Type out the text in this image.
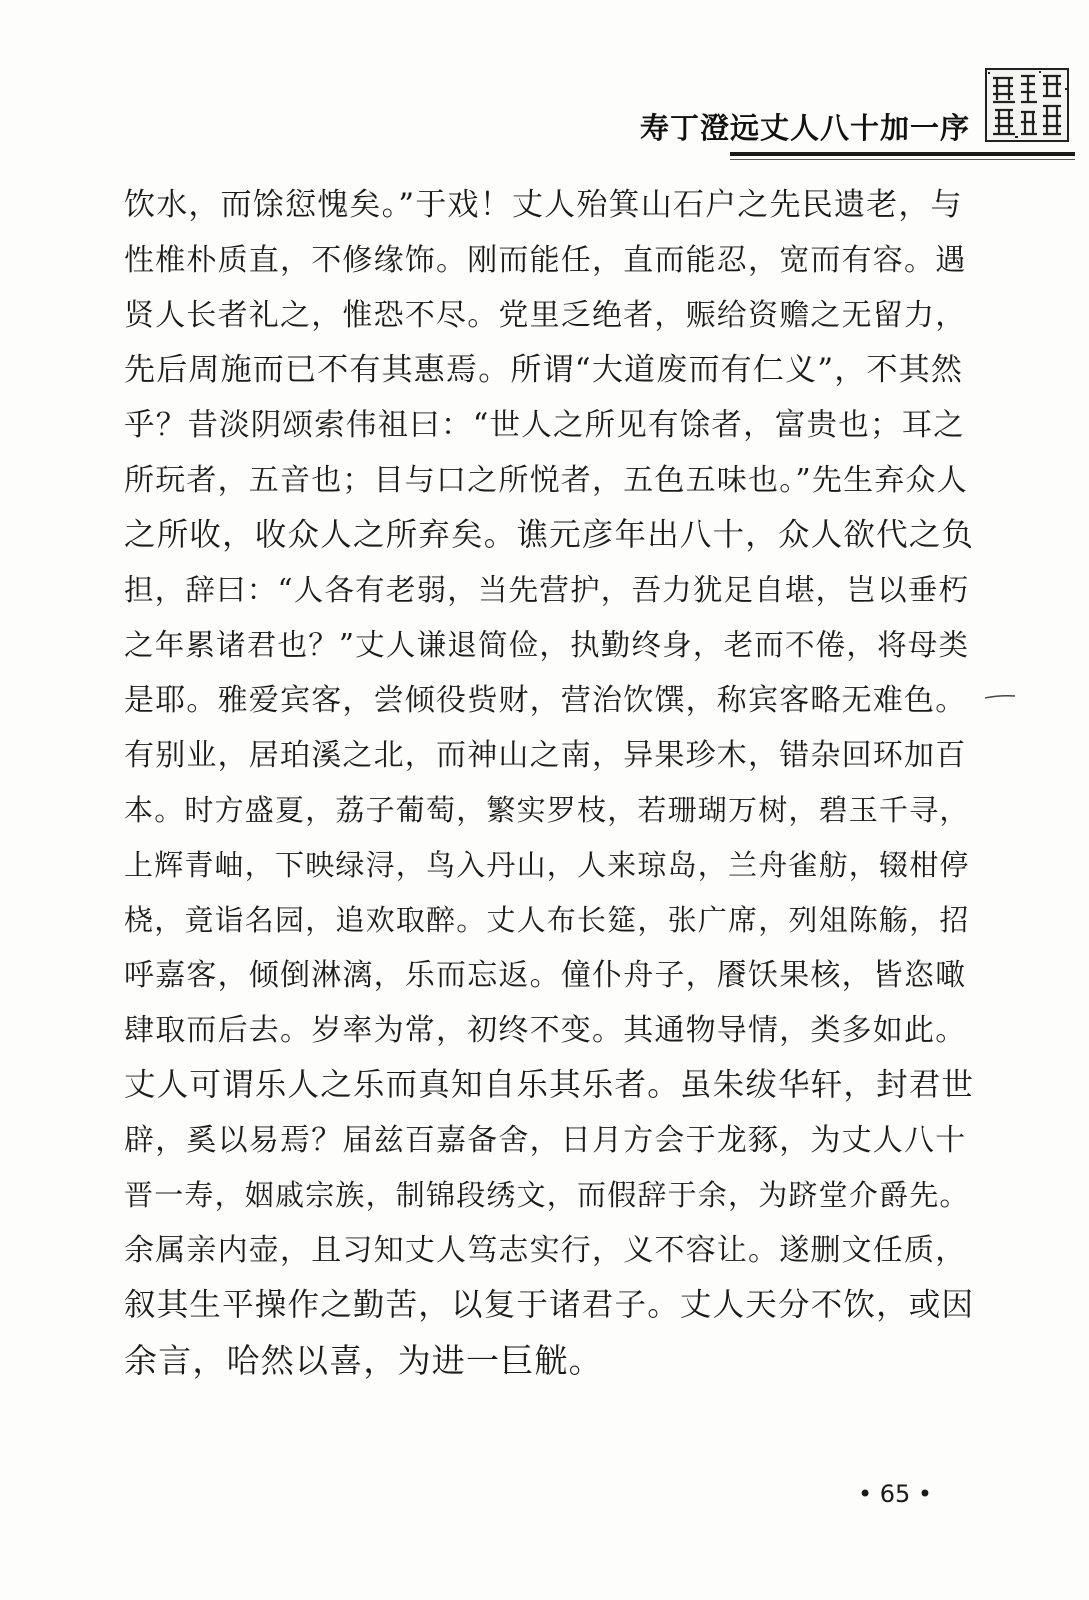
寿丁澄远丈人八十加一序
饮水，而馀愆愧矣。”于戏！丈人殆箕山石户之先民遗老，与
性椎朴质直，不修缘饰。刚而能任，直而能忍，宽而有容。遇
贤人长者礼之，惟恐不尽。党里乏绝者，赈给资赡之无留力，
先后周施而已不有其惠焉。所谓“大道废而有仁义”，不其然
乎？昔淡阴颂索伟祖曰：“世人之所见有馀者，富贵也；耳之
所玩者，五音也；目与口之所悦者，五色五味也。”先生弃众人
之所收，收众人之所弃矣。谯元彦年出八十，众人欲代之负
担，辞曰：“人各有老弱，当先营护，吾力犹足自堪，岂以垂朽
之年累诸君也？”丈人谦退简俭，执勤终身，老而不倦，将母类
是耶。雅爱宾客，尝倾役赀财，营治饮馔，称宾客略无难色。
有别业，居珀溪之北，而神山之南，异果珍木，错杂回环加百
本。时方盛夏，荔子葡萄，繁实罗枝，若珊瑚万树，碧玉千寻，
上辉青岫，下映绿浔，鸟入丹山，人来琼岛，兰舟雀舫，辍柑停
桡，竟诣名园，追欢取醉。丈人布长筵，张广席，列俎陈觞，招
呼嘉客，倾倒淋漓，乐而忘返。僮仆舟子，餍饫果核，皆恣噉
肆取而后去。岁率为常，初终不变。其通物导情，类多如此。
丈人可谓乐人之乐而真知自乐其乐者。虽朱绂华轩，封君世
辟，奚以易焉？届兹百嘉备舍，日月方会于龙豩，为丈人八十
晋一寿，姻戚宗族，制锦段绣文，而假辞于余，为跻堂介爵先。
余属亲内壶，且习知丈人笃志实行，义不容让。遂删文任质，
叙其生平操作之勤苦，以复于诸君子。丈人天分不饮，或因
余言，哈然以喜，为进一巨觥。
• 65 •
